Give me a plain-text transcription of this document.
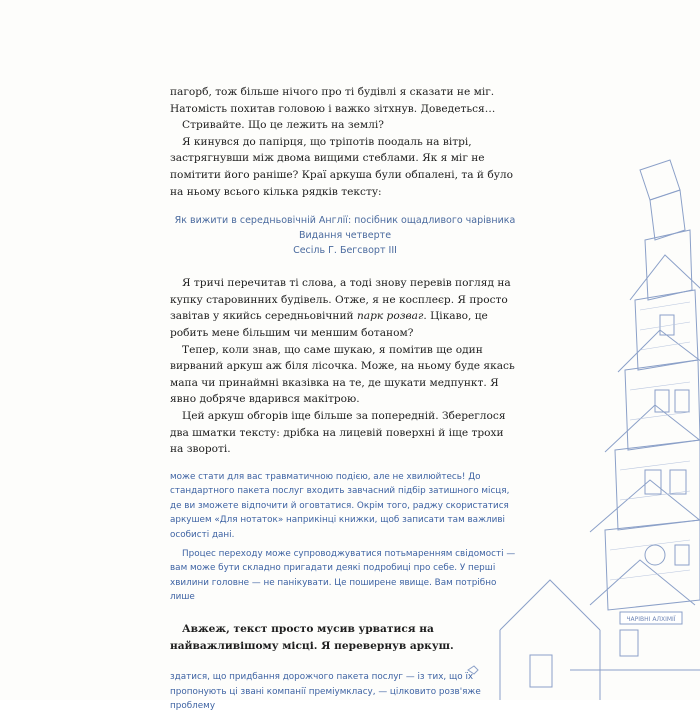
пагорб, тож більше нічого про ті будівлі я сказати не міг. Натомість похитав головою і важко зітхнув. Доведеться…

Стривайте. Що це лежить на землі?

Я кинувся до папірця, що тріпотів поодаль на вітрі, застрягнувши між двома вищими стеблами. Як я міг не помітити його раніше? Краї аркуша були обпалені, та й було на ньому всього кілька рядків тексту:

Як вижити в середньовічній Англії: посібник ощадливого чарівника
Видання четверте
Сесіль Г. Бегсворт III

Я тричі перечитав ті слова, а тоді знову перевів погляд на купку старовинних будівель. Отже, я не косплеєр. Я просто завітав у якийсь середньовічний парк розваг. Цікаво, це робить мене більшим чи меншим ботаном?

Тепер, коли знав, що саме шукаю, я помітив ще один вирваний аркуш аж біля лісочка. Може, на ньому буде якась мапа чи принаймні вказівка на те, де шукати медпункт. Я явно добряче вдарився макітрою.

Цей аркуш обгорів іще більше за попередній. Збереглося два шматки тексту: дрібка на лицевій поверхні й іще трохи на звороті.

може стати для вас травматичною подією, але не хвилюйтесь! До стандартного пакета послуг входить завчасний підбір затишного місця, де ви зможете відпочити й оговтатися. Окрім того, раджу скористатися аркушем «Для нотаток» наприкінці книжки, щоб записати там важливі особисті дані.

Процес переходу може супроводжуватися потьмаренням свідомості — вам може бути складно пригадати деякі подробиці про себе. У перші хвилини головне — не панікувати. Це поширене явище. Вам потрібно лише

Авжеж, текст просто мусив урватися на найважливішому місці. Я перевернув аркуш.

здатися, що придбання дорожчого пакета послуг — із тих, що їх пропонують ці звані компанії преміумкласу, — цілковито розв'яже проблему

ЧАРІВНІ АЛХІМІЇ
